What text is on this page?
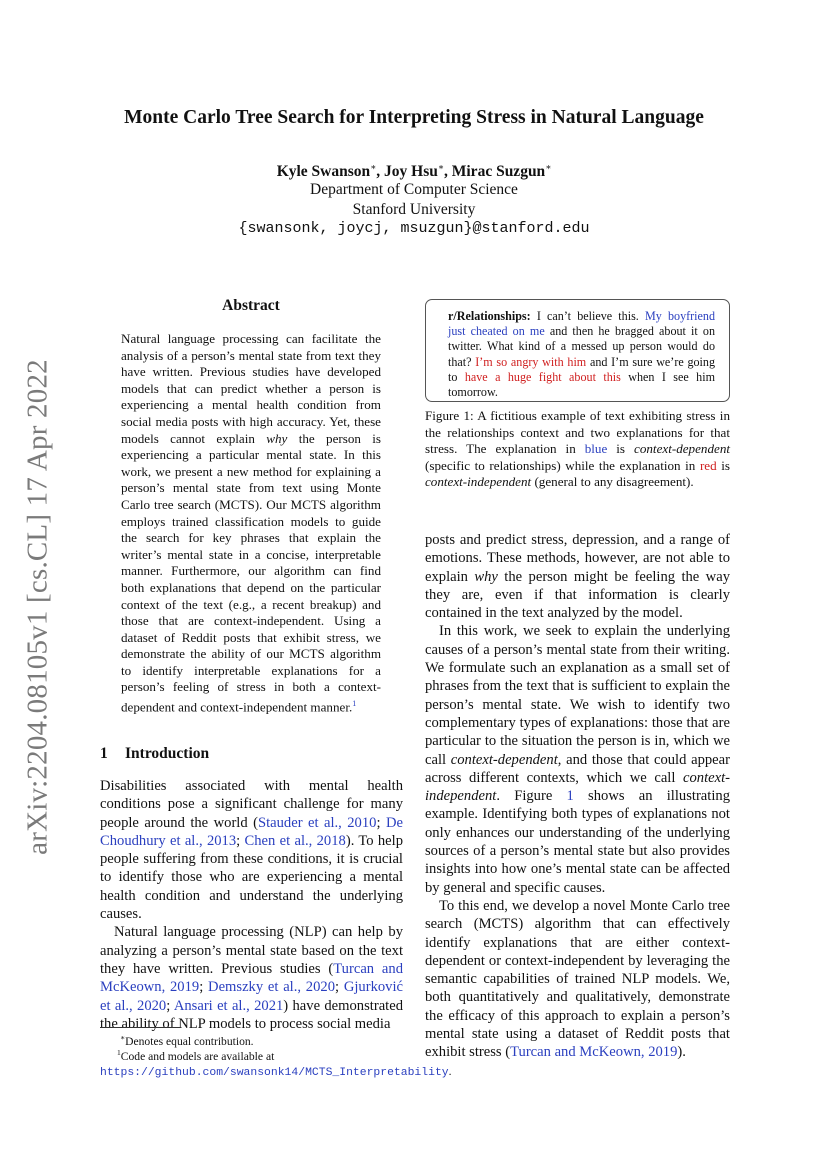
arXiv:2204.08105v1 [cs.CL] 17 Apr 2022
Monte Carlo Tree Search for Interpreting Stress in Natural Language
Kyle Swanson∗, Joy Hsu∗, Mirac Suzgun∗
Department of Computer Science
Stanford University
{swansonk, joycj, msuzgun}@stanford.edu
Abstract
Natural language processing can facilitate the analysis of a person’s mental state from text they have written. Previous studies have developed models that can predict whether a person is experiencing a mental health condition from social media posts with high accuracy. Yet, these models cannot explain why the person is experiencing a particular mental state. In this work, we present a new method for explaining a person’s mental state from text using Monte Carlo tree search (MCTS). Our MCTS algorithm employs trained classification models to guide the search for key phrases that explain the writer’s mental state in a concise, interpretable manner. Furthermore, our algorithm can find both explanations that depend on the particular context of the text (e.g., a recent breakup) and those that are context-independent. Using a dataset of Reddit posts that exhibit stress, we demonstrate the ability of our MCTS algorithm to identify interpretable explanations for a person’s feeling of stress in both a context-dependent and context-independent manner.$^1$
1 Introduction

Disabilities associated with mental health conditions pose a significant challenge for many people around the world (Stauder et al., 2010; De Choudhury et al., 2013; Chen et al., 2018). To help people suffering from these conditions, it is crucial to identify those who are experiencing a mental health condition and understand the underlying causes.

Natural language processing (NLP) can help by analyzing a person’s mental state based on the text they have written. Previous studies (Turcan and McKeown, 2019; Demszky et al., 2020; Gjurković et al., 2020; Ansari et al., 2021) have demonstrated the ability of NLP models to process social media

r/Relationships: I can’t believe this. My boyfriend just cheated on me and then he bragged about it on twitter. What kind of a messed up person would do that? I’m so angry with him and I’m sure we’re going to have a huge fight about this when I see him tomorrow.
Figure 1: A fictitious example of text exhibiting stress in the relationships context and two explanations for that stress. The explanation in blue is context-dependent (specific to relationships) while the explanation in red is context-independent (general to any disagreement).

posts and predict stress, depression, and a range of emotions. These methods, however, are not able to explain why the person might be feeling the way they are, even if that information is clearly contained in the text analyzed by the model.

In this work, we seek to explain the underlying causes of a person’s mental state from their writing. We formulate such an explanation as a small set of phrases from the text that is sufficient to explain the person’s mental state. We wish to identify two complementary types of explanations: those that are particular to the situation the person is in, which we call context-dependent, and those that could appear across different contexts, which we call context-independent. Figure 1 shows an illustrating example. Identifying both types of explanations not only enhances our understanding of the underlying sources of a person’s mental state but also provides insights into how one’s mental state can be affected by general and specific causes.

To this end, we develop a novel Monte Carlo tree search (MCTS) algorithm that can effectively identify explanations that are either context-dependent or context-independent by leveraging the semantic capabilities of trained NLP models. We, both quantitatively and qualitatively, demonstrate the efficacy of this approach to explain a person’s mental state using a dataset of Reddit posts that exhibit stress (Turcan and McKeown, 2019).

∗Denotes equal contribution.
$^1$Code and models are available at https://github.com/swansonk14/MCTS_Interpretability.
